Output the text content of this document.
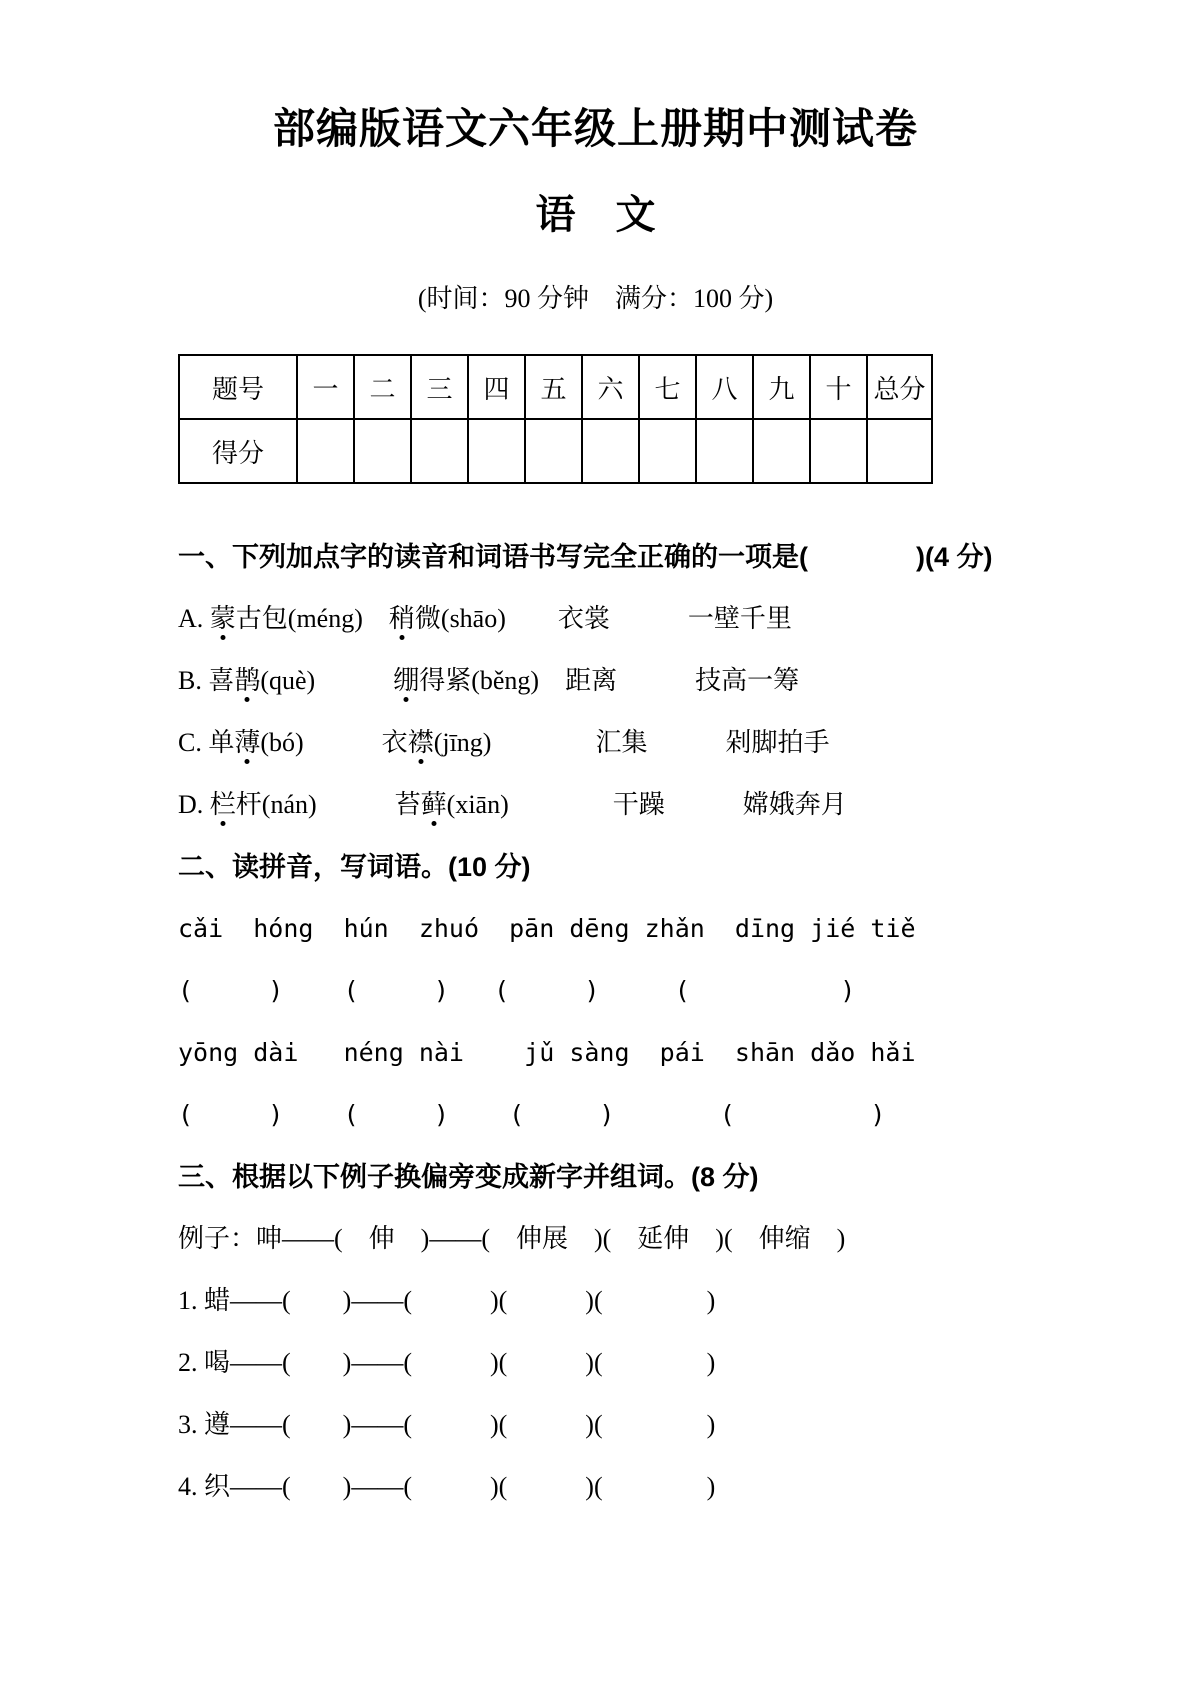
部编版语文六年级上册期中测试卷
语　文
(时间：90 分钟　满分：100 分)
题号	一	二	三	四	五	六	七	八	九	十	总分
得分											
一、下列加点字的读音和词语书写完全正确的一项是(　　　　)(4 分)
A. 蒙古包(méng)　稍微(shāo)　　衣裳　　　一壁千里
B. 喜鹊(què)　　　绷得紧(běng)　距离　　　技高一筹
C. 单薄(bó)　　　衣襟(jīng)　　　　汇集　　　剁脚拍手
D. 栏杆(nán)　　　苔藓(xiān)　　　　干躁　　　嫦娥奔月
二、读拼音，写词语。(10 分)
cǎi  hóng  hún  zhuó  pān dēng zhǎn  dīng jié tiě
(     )    (     )   (     )     (          )
yōng dài   néng nài    jǔ sàng  pái  shān dǎo hǎi
(     )    (     )    (     )       (         )
三、根据以下例子换偏旁变成新字并组词。(8 分)
例子：呻——(　伸　)——(　伸展　)(　延伸　)(　伸缩　)
1. 蜡——(　　)——(　　　)(　　　)(　　　　)
2. 喝——(　　)——(　　　)(　　　)(　　　　)
3. 遵——(　　)——(　　　)(　　　)(　　　　)
4. 织——(　　)——(　　　)(　　　)(　　　　)
